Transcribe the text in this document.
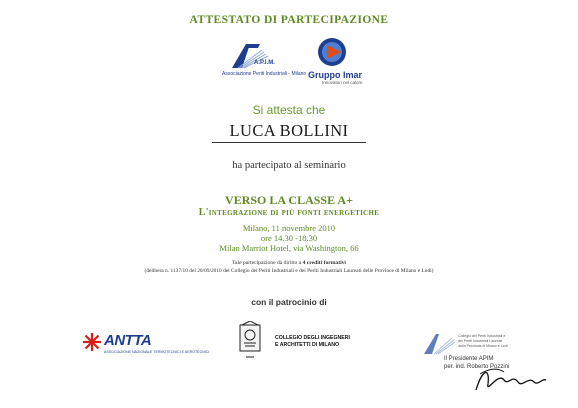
ATTESTATO DI PARTECIPAZIONE
A.P.I.M.
Associazione Periti Industriali - Milano Gruppo Imar
Innovatori nel calore
Si attesta che
LUCA BOLLINI
ha partecipato al seminario
VERSO LA CLASSE A+
L'integrazione di più fonti energetiche
Milano, 11 novembre 2010
ore 14.30 -18.30
Milan Marriot Hotel, via Washington, 66
Tale partecipazione dà diritto a 4 crediti formativi
(delibera n. 1137/10 del 20/09/2010 del Collegio dei Periti Industriali e dei Periti Industriali Laureati delle Province di Milano e Lodi)
con il patrocinio di
ANTTA
ASSOCIAZIONE NAZIONALE TERMOTECNICI E AEROTECNICI
COLLEGIO DEGLI INGEGNERI
E ARCHITETTI DI MILANO
Collegio dei Periti Industriali e
dei Periti Industriali Laureati
della Provincia di Milano e Lodi
Il Presidente APIM
per. ind. Roberto Pozzini
